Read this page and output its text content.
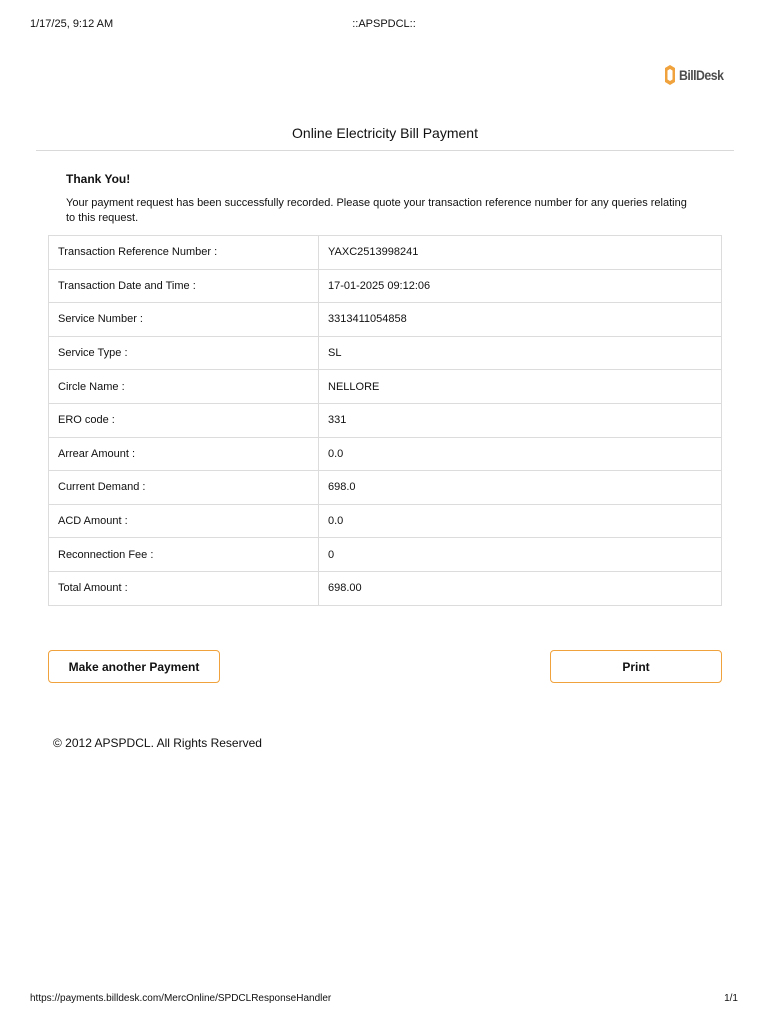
1/17/25, 9:12 AM	::APSPDCL::
BillDesk
Online Electricity Bill Payment
Thank You!
Your payment request has been successfully recorded. Please quote your transaction reference number for any queries relating to this request.
Transaction Reference Number :	YAXC2513998241
Transaction Date and Time :	17-01-2025 09:12:06
Service Number :	3313411054858
Service Type :	SL
Circle Name :	NELLORE
ERO code :	331
Arrear Amount :	0.0
Current Demand :	698.0
ACD Amount :	0.0
Reconnection Fee :	0
Total Amount :	698.00
Make another Payment	Print
© 2012 APSPDCL. All Rights Reserved
https://payments.billdesk.com/MercOnline/SPDCLResponseHandler	1/1
